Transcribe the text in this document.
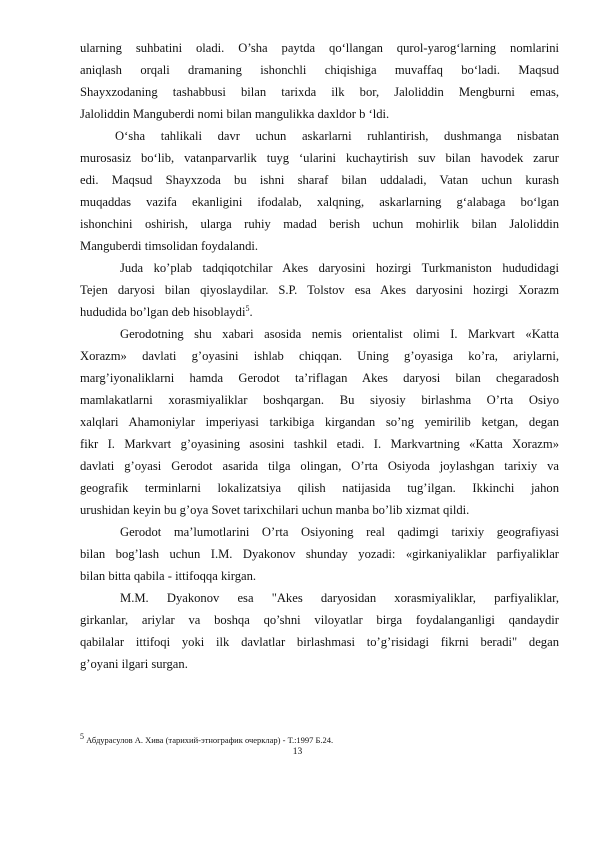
ularning suhbatini oladi. O’sha paytda qo‘llangan qurol-yarog‘larning nomlarini
aniqlash orqali dramaning ishonchli chiqishiga muvaffaq bo‘ladi. Maqsud
Shayxzodaning tashabbusi bilan tarixda ilk bor, Jaloliddin Mengburni emas,
Jaloliddin Manguberdi nomi bilan mangulikka daxldor b ‘ldi.
O‘sha tahlikali davr uchun askarlarni ruhlantirish, dushmanga nisbatan
murosasiz bo‘lib, vatanparvarlik tuyg ‘ularini kuchaytirish suv bilan havodek zarur
edi. Maqsud Shayxzoda bu ishni sharaf bilan uddaladi, Vatan uchun kurash
muqaddas vazifa ekanligini ifodalab, xalqning, askarlarning g‘alabaga bo‘lgan
ishonchini oshirish, ularga ruhiy madad berish uchun mohirlik bilan Jaloliddin
Manguberdi timsolidan foydalandi.
Juda ko’plab tadqiqotchilar Akes daryosini hozirgi Turkmaniston hududidagi
Tejen daryosi bilan qiyoslaydilar. S.P. Tolstov esa Akes daryosini hozirgi Xorazm
hududida bo’lgan deb hisoblaydi$^5$.
Gerodotning shu xabari asosida nemis orientalist olimi I. Markvart «Katta
Xorazm» davlati g’oyasini ishlab chiqqan. Uning g’oyasiga ko’ra, ariylarni,
marg’iyonaliklarni hamda Gerodot ta’riflagan Akes daryosi bilan chegaradosh
mamlakatlarni xorasmiyaliklar boshqargan. Bu siyosiy birlashma O’rta Osiyo
xalqlari Ahamoniylar imperiyasi tarkibiga kirgandan so’ng yemirilib ketgan, degan
fikr I. Markvart g’oyasining asosini tashkil etadi. I. Markvartning «Katta Xorazm»
davlati g’oyasi Gerodot asarida tilga olingan, O’rta Osiyoda joylashgan tarixiy va
geografik terminlarni lokalizatsiya qilish natijasida tug’ilgan. Ikkinchi jahon
urushidan keyin bu g’oya Sovet tarixchilari uchun manba bo’lib xizmat qildi.
Gerodot ma’lumotlarini O’rta Osiyoning real qadimgi tarixiy geografiyasi
bilan bog’lash uchun I.M. Dyakonov shunday yozadi: «girkaniyaliklar parfiyaliklar
bilan bitta qabila - ittifoqqa kirgan.
M.M. Dyakonov esa "Akes daryosidan xorasmiyaliklar, parfiyaliklar,
girkanlar, ariylar va boshqa qo’shni viloyatlar birga foydalanganligi qandaydir
qabilalar ittifoqi yoki ilk davlatlar birlashmasi to’g’risidagi fikrni beradi" degan
g’oyani ilgari surgan.
$^5$ Абдурасулов А. Хива (тарихий-этнографик очерклар) - Т.:1997 Б.24.
13
